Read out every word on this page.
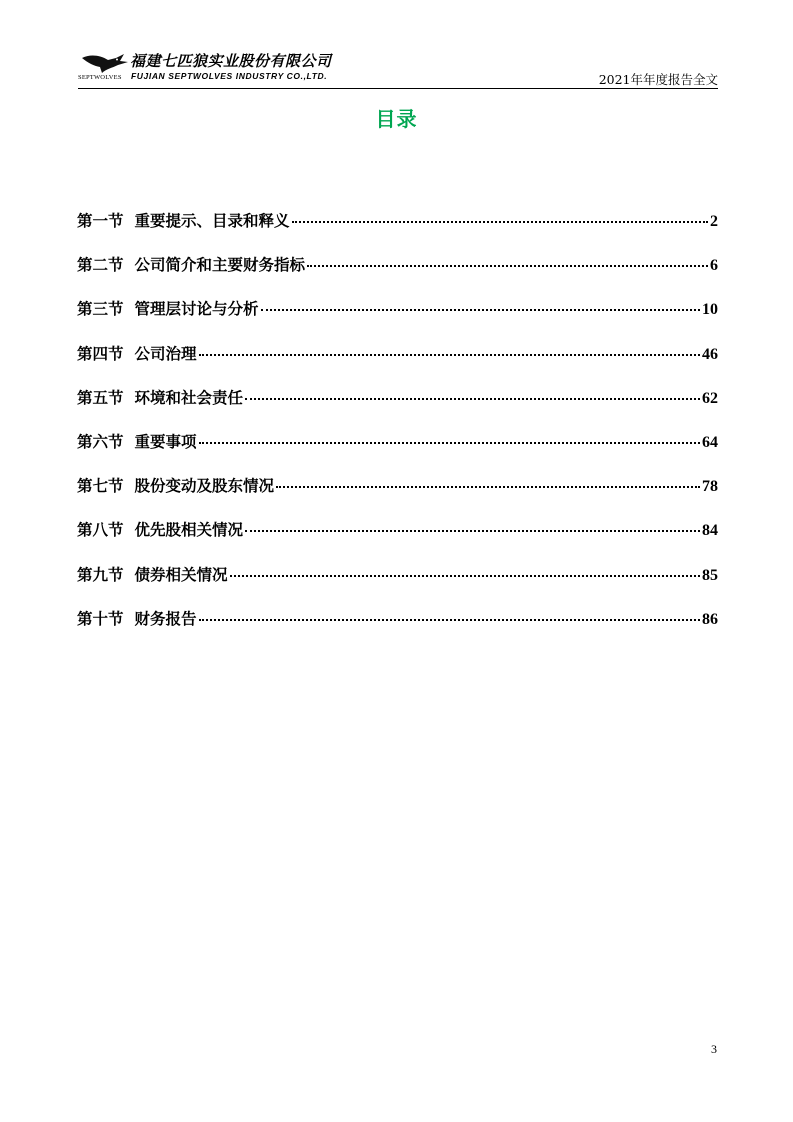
SEPTWOLVES
福建七匹狼实业股份有限公司
FUJIAN SEPTWOLVES INDUSTRY CO.,LTD.	2021年年度报告全文
目录
第一节 重要提示、目录和释义	2
第二节 公司简介和主要财务指标	6
第三节 管理层讨论与分析	10
第四节 公司治理	46
第五节 环境和社会责任	62
第六节 重要事项	64
第七节 股份变动及股东情况	78
第八节 优先股相关情况	84
第九节 债券相关情况	85
第十节 财务报告	86
3
